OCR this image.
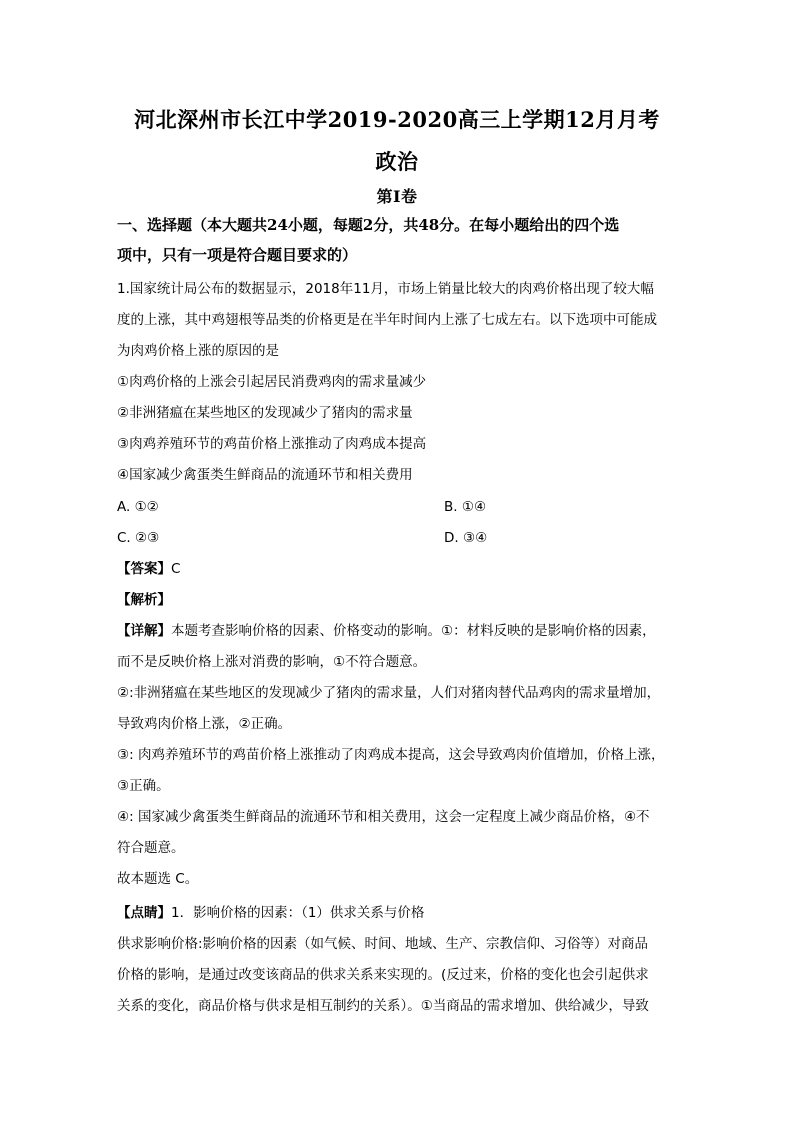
河北深州市长江中学2019-2020高三上学期12月月考
政治
第Ⅰ卷
一、选择题（本大题共24小题，每题2分，共48分。在每小题给出的四个选
项中，只有一项是符合题目要求的）
1.国家统计局公布的数据显示，2018年11月，市场上销量比较大的肉鸡价格出现了较大幅
度的上涨，其中鸡翅根等品类的价格更是在半年时间内上涨了七成左右。以下选项中可能成
为肉鸡价格上涨的原因的是
①肉鸡价格的上涨会引起居民消费鸡肉的需求量减少
②非洲猪瘟在某些地区的发现减少了猪肉的需求量
③肉鸡养殖环节的鸡苗价格上涨推动了肉鸡成本提高
④国家减少禽蛋类生鲜商品的流通环节和相关费用
A. ①②	B. ①④
C. ②③	D. ③④
【答案】C
【解析】
【详解】本题考查影响价格的因素、价格变动的影响。①：材料反映的是影响价格的因素，
而不是反映价格上涨对消费的影响，①不符合题意。
②:非洲猪瘟在某些地区的发现减少了猪肉的需求量，人们对猪肉替代品鸡肉的需求量增加，
导致鸡肉价格上涨，②正确。
③: 肉鸡养殖环节的鸡苗价格上涨推动了肉鸡成本提高，这会导致鸡肉价值增加，价格上涨，
③正确。
④: 国家减少禽蛋类生鲜商品的流通环节和相关费用，这会一定程度上减少商品价格，④不
符合题意。
故本题选 C。
【点睛】1．影响价格的因素：（1）供求关系与价格
供求影响价格:影响价格的因素（如气候、时间、地域、生产、宗教信仰、习俗等）对商品
价格的影响，是通过改变该商品的供求关系来实现的。(反过来，价格的变化也会引起供求
关系的变化，商品价格与供求是相互制约的关系）。①当商品的需求增加、供给减少，导致
